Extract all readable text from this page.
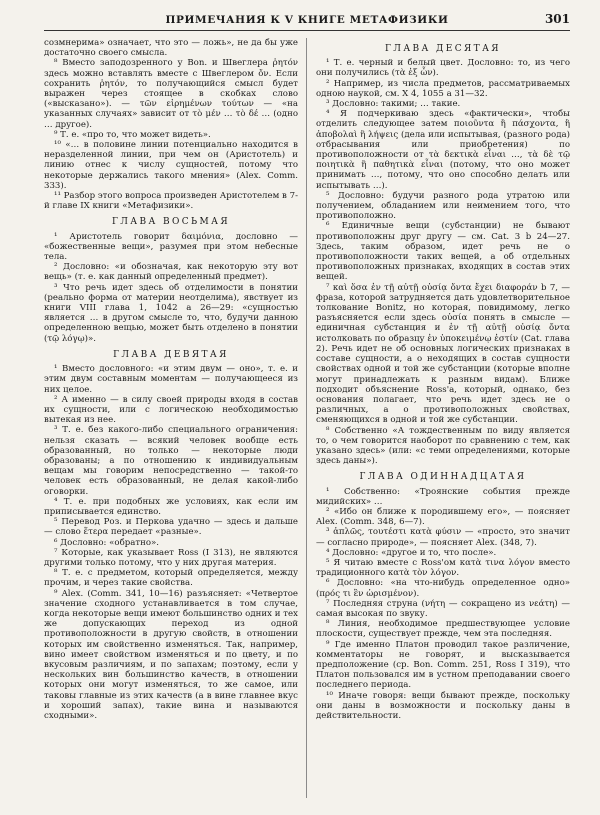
ПРИМЕЧАНИЯ К V КНИГЕ МЕТАФИЗИКИ	301

созмнерима» означает, что это — ложь», не да бы уже достаточно своего смысла.

⁸ Вместо заподозренного у Bon. и Швеглера ῥητόν здесь можно вставлять вместе с Швеглером ὄν. Если сохранить ῥητόν, то получающийся смысл будет выражен через стоящее в скобках слово («высказано»). — τῶν εἰρημένων τούτων — «на указанных случаях» зависит от τὸ μέν … τὸ δέ … (одно … другое).

⁹ Т. е. «про то, что может видеть».

¹⁰ «… в половине линии потенциально находится в неразделенной линии, при чем он (Аристотель) и линию отнес к числу сущностей, потому что некоторые держались такого мнения» (Alex. Comm. 333).

¹¹ Разбор этого вопроса произведен Аристотелем в 7-й главе IX книги «Метафизики».

ГЛАВА ВОСЬМАЯ

¹ Аристотель говорит δαιμόνια, дословно — «божественные вещи», разумея при этом небесные тела.

² Дословно: «и обозначая, как некоторую эту вот вещь» (т. е. как данный определенный предмет).

³ Что речь идет здесь об отделимости в понятии (реально форма от материи неотделима), явствует из книги VIII глава 1, 1042 a 26—29: «сущностью является … в другом смысле то, что, будучи данною определенною вещью, может быть отделено в понятии (τῷ λόγῳ)».

ГЛАВА ДЕВЯТАЯ

¹ Вместо дословного: «и этим двум — оно», т. е. и этим двум составным моментам — получающееся из них целое.

² А именно — в силу своей природы входя в состав их сущности, или с логическою необходимостью вытекая из нее.

³ Т. е. без какого-либо специального ограничения: нельзя сказать — всякий человек вообще есть образованный, но только — некоторые люди образованы; а по отношению к индивидуальным вещам мы говорим непосредственно — такой-то человек есть образованный, не делая какой-либо оговорки.

⁴ Т. е. при подобных же условиях, как если им приписывается единство.

⁵ Перевод Роз. и Перкова удачно — здесь и дальше — слово ἕτερα передает «разные».

⁶ Дословно: «обратно».

⁷ Которые, как указывает Ross (I 313), не являются другими только потому, что у них другая материя.

⁸ Т. е. с предметом, который определяется, между прочим, и через такие свойства.

⁹ Alex. (Comm. 341, 10—16) разъясняет: «Четвертое значение сходного устанавливается в том случае, когда некоторые вещи имеют большинство одних и тех же допускающих переход из одной противоположности в другую свойств, в отношении которых им свойственно изменяться. Так, например, вино имеет свойством изменяться и по цвету, и по вкусовым различиям, и по запахам; поэтому, если у нескольких вин большинство качеств, в отношении которых они могут изменяться, то же самое, или таковы главные из этих качеств (а в вине главнее вкус и хороший запах), такие вина и называются сходными».

ГЛАВА ДЕСЯТАЯ

¹ Т. е. черный и белый цвет. Дословно: то, из чего они получились (τὰ ἐξ ὧν).

² Например, из числа предметов, рассматриваемых одною наукой, см. X 4, 1055 a 31—32.

³ Дословно: такими; … такие.

⁴ Я подчеркиваю здесь «фактически», чтобы отделить следующее затем ποιοῦντα ἢ πάσχοντα, ἢ ἀποβολαὶ ἢ λήψεις (дела или испытывая, (разного рода) отбрасывания или приобретения) по противоположности от τὰ δεκτικὰ εἶναι …, τὰ δὲ τῷ ποιητικὰ ἢ παθητικὰ εἶναι (потому, что оно может принимать …, потому, что оно способно делать или испытывать …).

⁵ Дословно: будучи разного рода утратою или получением, обладанием или неимением того, что противоположно.

⁶ Единичные вещи (субстанции) не бывают противоположны друг другу — см. Cat. 3 b 24—27. Здесь, таким образом, идет речь не о противоположности таких вещей, а об отдельных противоположных признаках, входящих в состав этих вещей.

⁷ καὶ ὅσα ἐν τῇ αὐτῇ οὐσίᾳ ὄντα ἔχει διαφοράν b 7, — фраза, которой затрудняется дать удовлетворительное толкование Bonitz, но которая, повидимому, легко разъясняется если здесь οὐσία понять в смысле — единичная субстанция и ἐν τῇ αὐτῇ οὐσίᾳ ὄντα истолковать по образцу ἐν ὑποκειμένῳ ἐστίν (Cat. глава 2). Речь идет не об основных логических признаках в составе сущности, а о неходящих в состав сущности свойствах одной и той же субстанции (которые вполне могут принадлежать к разным видам). Ближе подходит объяснение Ross'а, который, однако, без основания полагает, что речь идет здесь не о различных, а о противоположных свойствах, сменяющихся в одной и той же субстанции.

⁸ Собственно «А тождественным по виду является то, о чем говорится наоборот по сравнению с тем, как указано здесь» (или: «с теми определениями, которые здесь даны»).

ГЛАВА ОДИННАДЦАТАЯ

¹ Собственно: «Троянские события прежде мидийских» …

² «Ибо он ближе к породившему его», — поясняет Alex. (Comm. 348, 6—7).

³ ἁπλῶς, τουτέστι κατὰ φύσιν — «просто, это значит — согласно природе», — поясняет Alex. (348, 7).

⁴ Дословно: «другое и то, что после».

⁵ Я читаю вместе с Ross'ом κατὰ τινα λόγον вместо традиционного κατὰ τὸν λόγον.

⁶ Дословно: «на что-нибудь определенное одно» (πρός τι ἓν ὡρισμένον).

⁷ Последняя струна (νήτη — сокращено из νεάτη) — самая высокая по звуку.

⁸ Линия, необходимое предшествующее условие плоскости, существует прежде, чем эта последняя.

⁹ Где именно Платон проводил такое различение, комментаторы не говорят, и высказывается предположение (ср. Bon. Comm. 251, Ross I 319), что Платон пользовался им в устном преподавании своего последнего периода.

¹⁰ Иначе говоря: вещи бывают прежде, поскольку они даны в возможности и поскольку даны в действительности.
